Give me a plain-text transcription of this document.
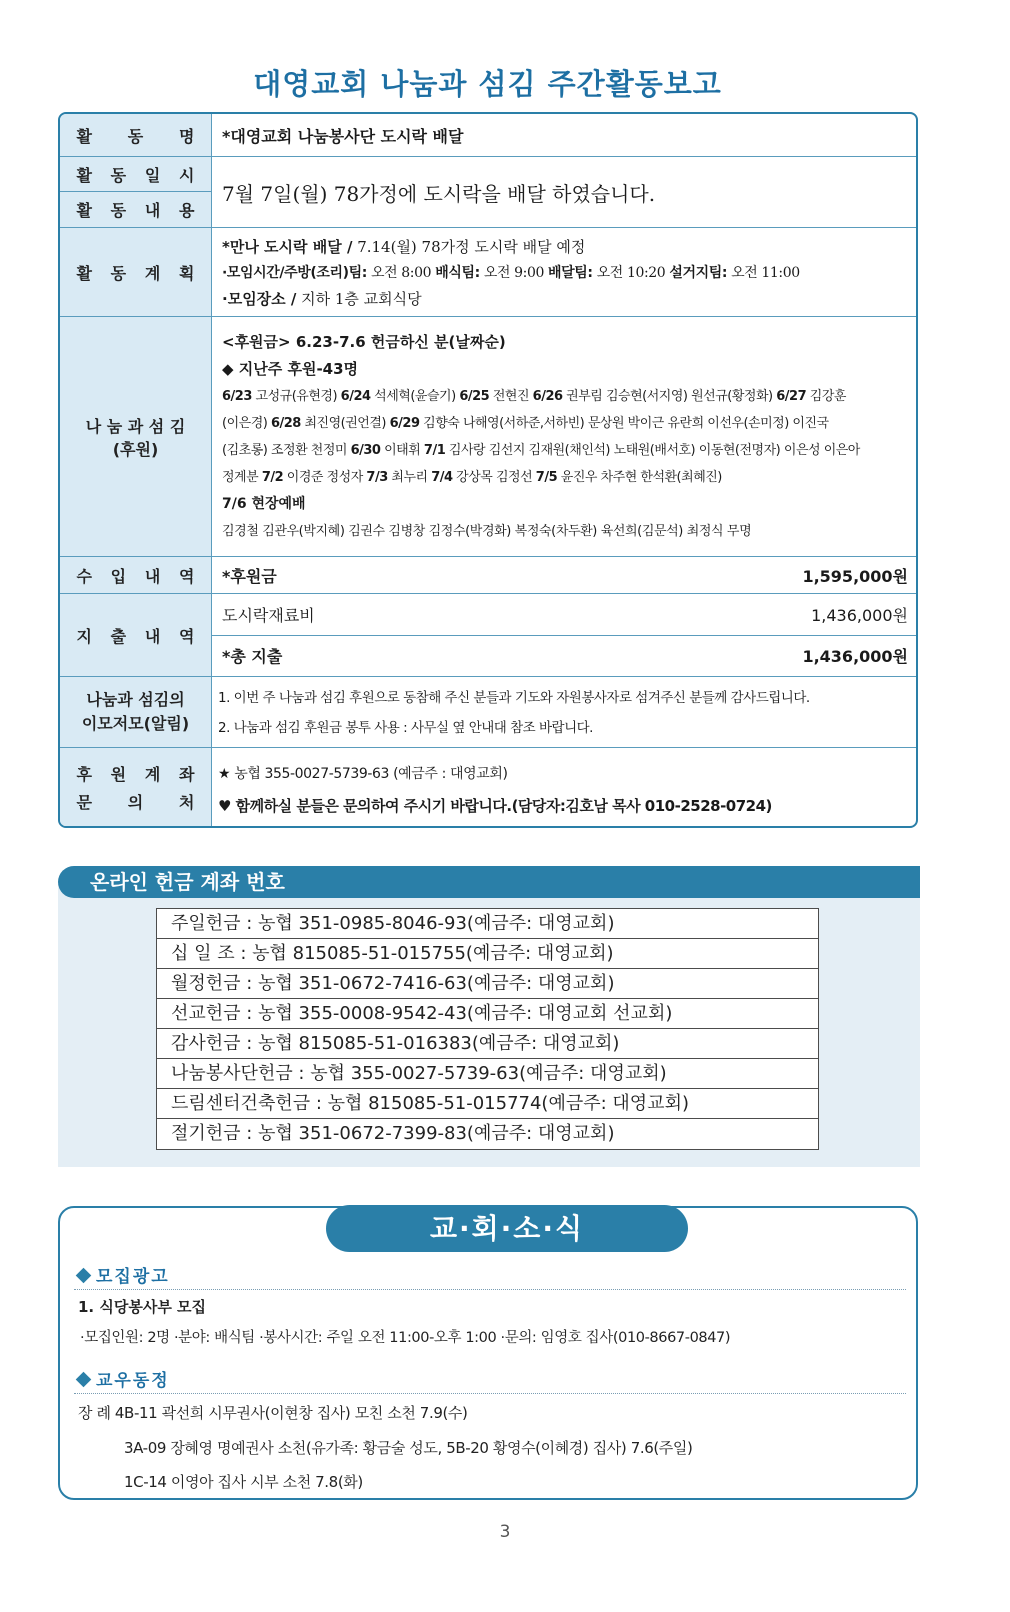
대영교회 나눔과 섬김 주간활동보고
활 동 명 *대영교회 나눔봉사단 도시락 배달
활 동 일 시
활 동 내 용
7월 7일(월) 78가정에 도시락을 배달 하였습니다.
활 동 계 획
*만나 도시락 배달 / 7.14(월) 78가정 도시락 배달 예정
·모임시간/주방(조리)팀: 오전 8:00 배식팀: 오전 9:00 배달팀: 오전 10:20 설거지팀: 오전 11:00
·모임장소 / 지하 1층 교회식당
나 눔 과 섬 김
(후원)
<후원금> 6.23-7.6 헌금하신 분(날짜순)
◆ 지난주 후원-43명
6/23 고성규(유현경) 6/24 석세혁(윤슬기) 6/25 전현진 6/26 권부림 김승현(서지영) 원선규(황정화) 6/27 김강훈
(이은경) 6/28 최진영(권언결) 6/29 김향숙 나해영(서하준,서하빈) 문상원 박이근 유란희 이선우(손미정) 이진국
(김초롱) 조정환 천정미 6/30 이태휘 7/1 김사랑 김선지 김재원(채인석) 노태원(배서호) 이동현(전명자) 이은성 이은아
정계분 7/2 이경준 정성자 7/3 최누리 7/4 강상목 김정선 7/5 윤진우 차주현 한석환(최혜진)
7/6 현장예배
김경철 김관우(박지혜) 김권수 김병창 김정수(박경화) 복정숙(차두환) 육선희(김문석) 최정식 무명
수 입 내 역 *후원금	1,595,000원
지 출 내 역
도시락재료비	1,436,000원
*총 지출	1,436,000원
나눔과 섬김의
이모저모(알림)
1. 이번 주 나눔과 섬김 후원으로 동참해 주신 분들과 기도와 자원봉사자로 섬겨주신 분들께 감사드립니다.
2. 나눔과 섬김 후원금 봉투 사용 : 사무실 옆 안내대 참조 바랍니다.
후 원 계 좌
문 의 처
★ 농협 355-0027-5739-63 (예금주 : 대영교회)
♥ 함께하실 분들은 문의하여 주시기 바랍니다.(담당자:김호남 목사 010-2528-0724)
온라인 헌금 계좌 번호
주일헌금 : 농협 351-0985-8046-93(예금주: 대영교회)
십 일 조 : 농협 815085-51-015755(예금주: 대영교회)
월정헌금 : 농협 351-0672-7416-63(예금주: 대영교회)
선교헌금 : 농협 355-0008-9542-43(예금주: 대영교회 선교회)
감사헌금 : 농협 815085-51-016383(예금주: 대영교회)
나눔봉사단헌금 : 농협 355-0027-5739-63(예금주: 대영교회)
드림센터건축헌금 : 농협 815085-51-015774(예금주: 대영교회)
절기헌금 : 농협 351-0672-7399-83(예금주: 대영교회)
교·회·소·식
모집광고
1. 식당봉사부 모집
·모집인원: 2명 ·분야: 배식팀 ·봉사시간: 주일 오전 11:00-오후 1:00 ·문의: 임영호 집사(010-8667-0847)
교우동정
장 례 4B-11 곽선희 시무권사(이현창 집사) 모친 소천 7.9(수)
3A-09 장혜영 명예권사 소천(유가족: 황금술 성도, 5B-20 황영수(이혜경) 집사) 7.6(주일)
1C-14 이영아 집사 시부 소천 7.8(화)
3
